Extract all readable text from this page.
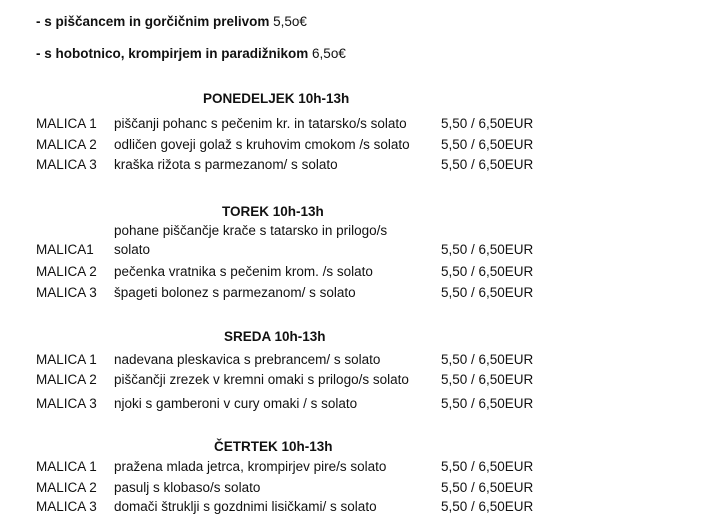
- s piščancem in gorčičnim prelivom 5,5o€
- s hobotnico, krompirjem in paradižnikom 6,5o€
PONEDELJEK 10h-13h
MALICA 1 piščanji pohanc s pečenim kr. in tatarsko/s solato	5,50 / 6,50EUR
MALICA 2 odličen goveji golaž s kruhovim cmokom /s solato 5,50 / 6,50EUR
MALICA 3 kraška rižota s parmezanom/ s solato	5,50 / 6,50EUR
TOREK 10h-13h
MALICA1
pohane piščančje krače s tatarsko in prilogo/s
solato	5,50 / 6,50EUR
MALICA 2 pečenka vratnika s pečenim krom. /s solato	5,50 / 6,50EUR
MALICA 3 špageti bolonez s parmezanom/ s solato	5,50 / 6,50EUR
SREDA 10h-13h
MALICA 1 nadevana pleskavica s prebrancem/ s solato	5,50 / 6,50EUR
MALICA 2 piščančji zrezek v kremni omaki s prilogo/s solato 5,50 / 6,50EUR
MALICA 3 njoki s gamberoni v cury omaki / s solato	5,50 / 6,50EUR
ČETRTEK 10h-13h
MALICA 1 pražena mlada jetrca, krompirjev pire/s solato	5,50 / 6,50EUR
MALICA 2 pasulj s klobaso/s solato	5,50 / 6,50EUR
MALICA 3 domači štruklji s gozdnimi lisičkami/ s solato	5,50 / 6,50EUR
